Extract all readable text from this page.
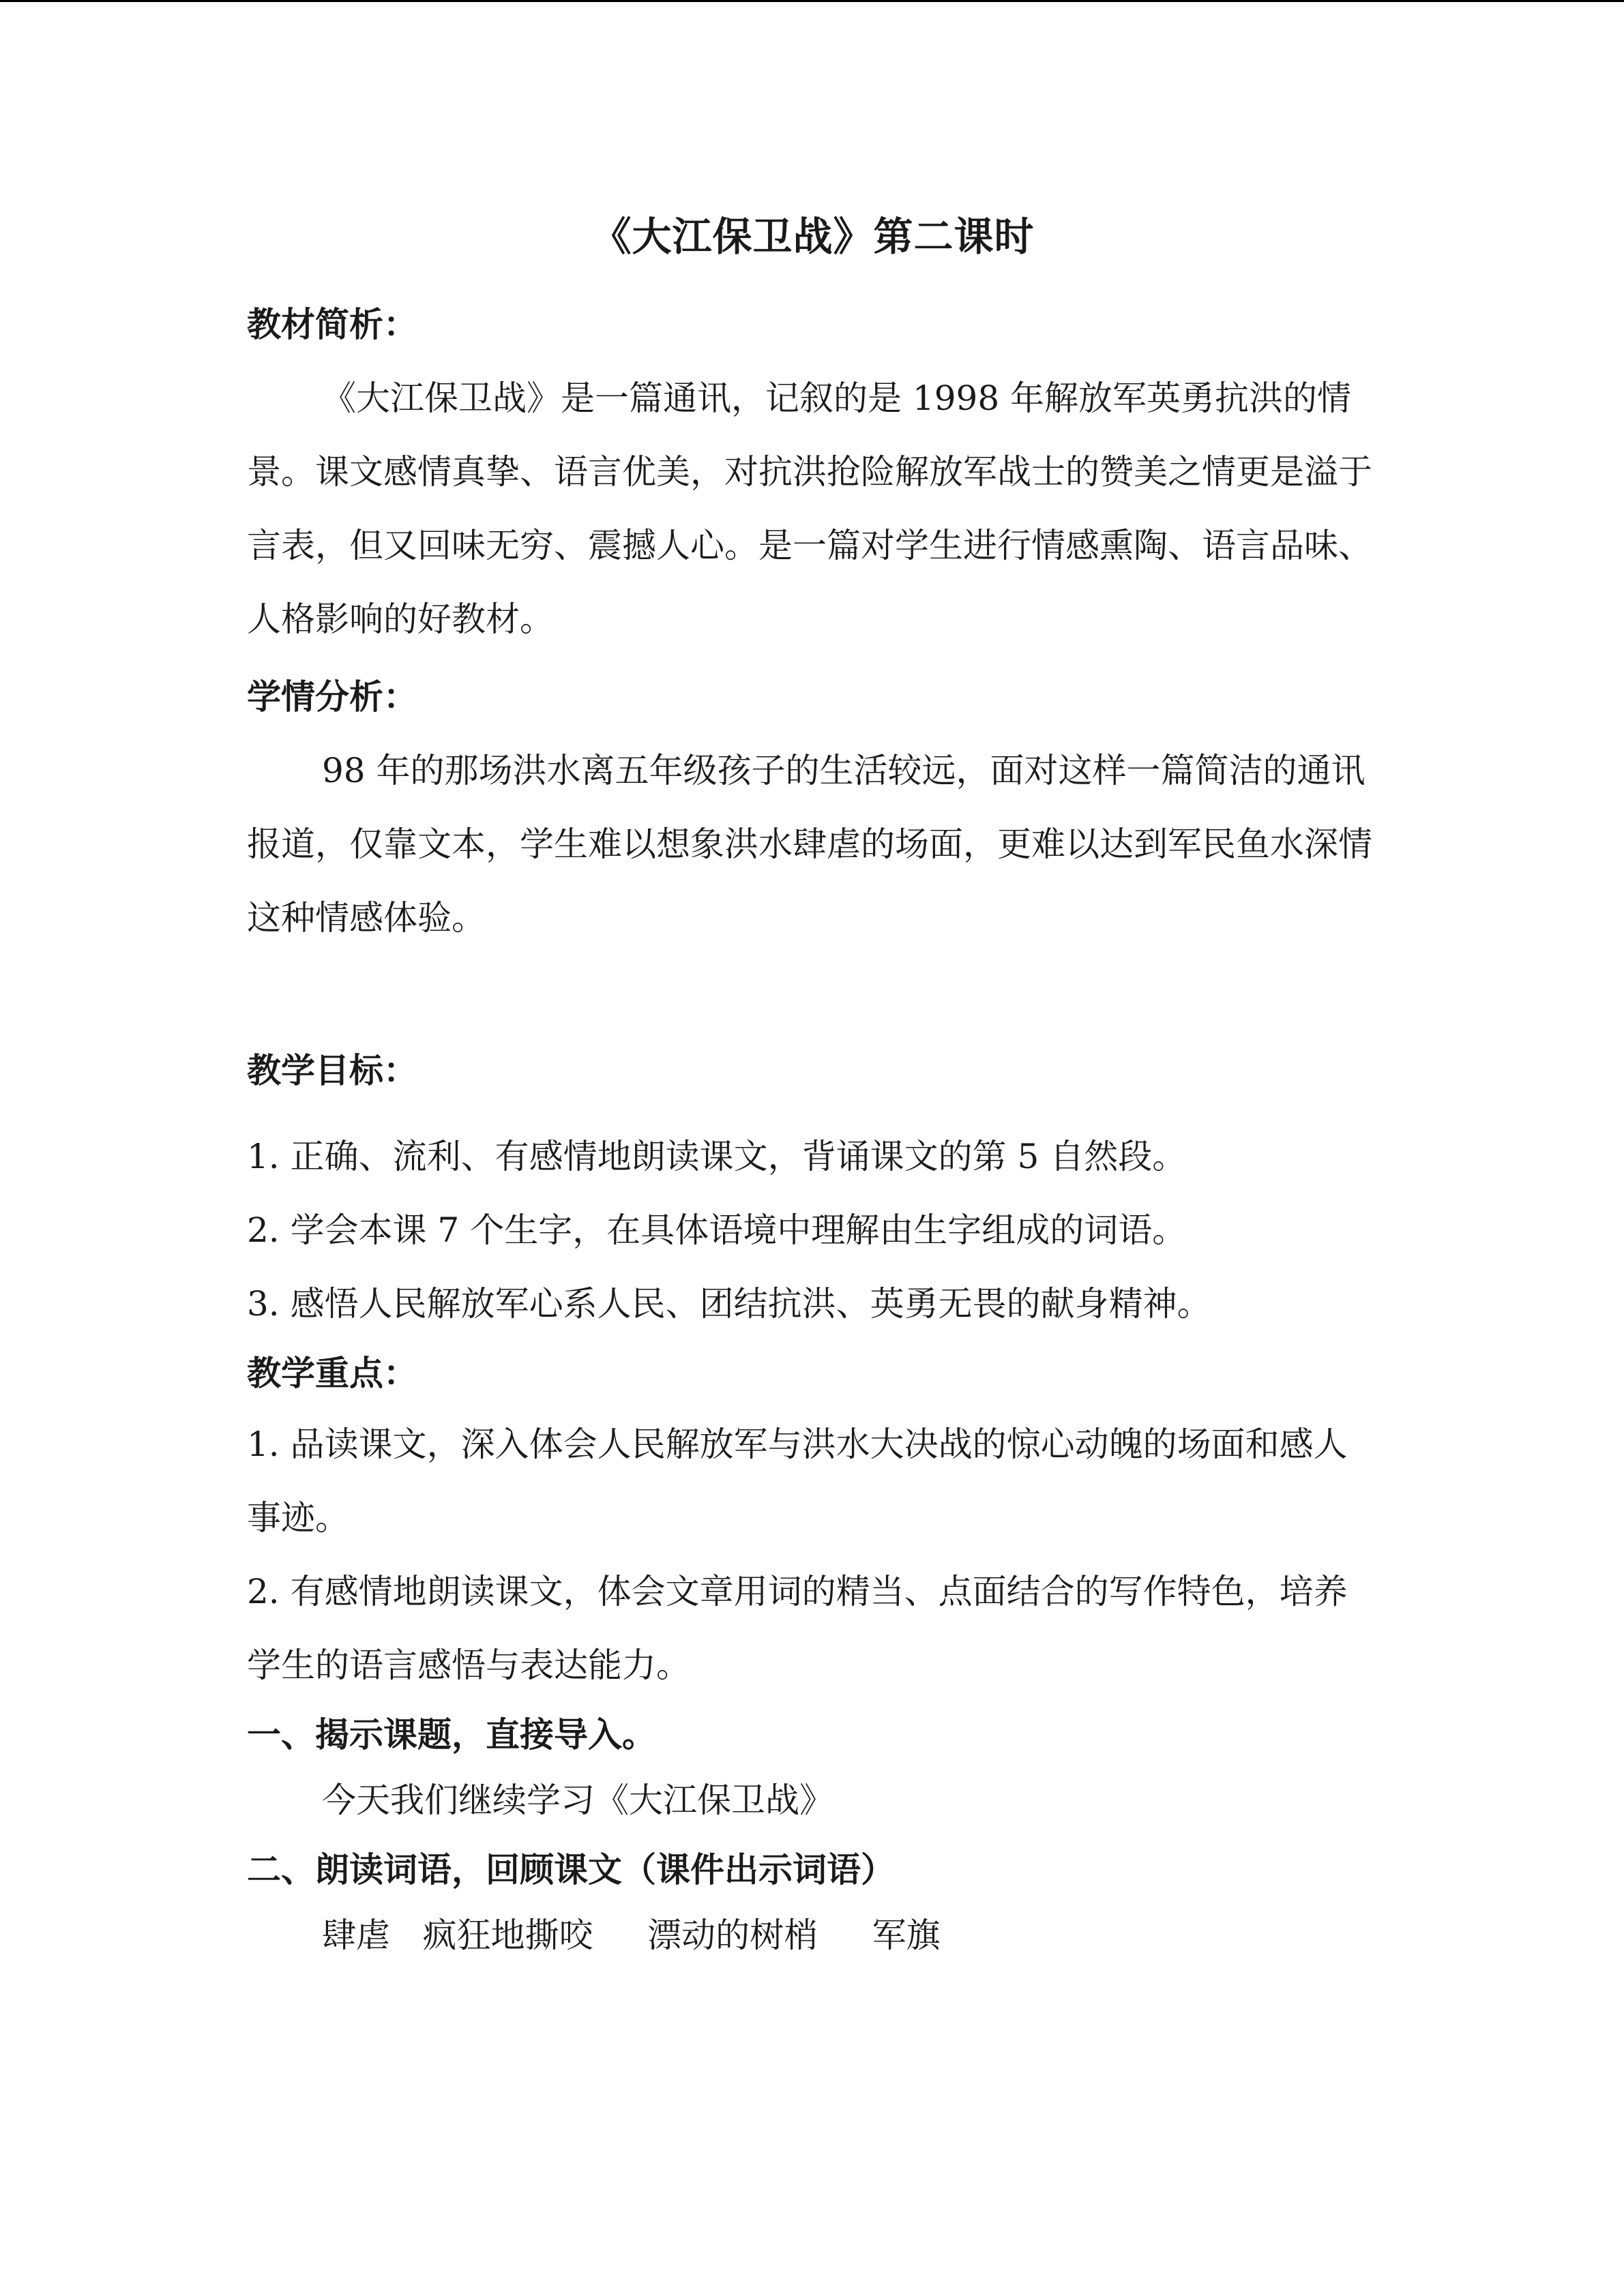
《大江保卫战》第二课时
教材简析：

《大江保卫战》是一篇通讯，记叙的是 1998 年解放军英勇抗洪的情景。课文感情真挚、语言优美，对抗洪抢险解放军战士的赞美之情更是溢于言表，但又回味无穷、震撼人心。是一篇对学生进行情感熏陶、语言品味、人格影响的好教材。

学情分析：

98 年的那场洪水离五年级孩子的生活较远，面对这样一篇简洁的通讯报道，仅靠文本，学生难以想象洪水肆虐的场面，更难以达到军民鱼水深情这种情感体验。

教学目标：

1. 正确、流利、有感情地朗读课文，背诵课文的第 5 自然段。

2. 学会本课 7 个生字，在具体语境中理解由生字组成的词语。

3. 感悟人民解放军心系人民、团结抗洪、英勇无畏的献身精神。

教学重点：

1. 品读课文，深入体会人民解放军与洪水大决战的惊心动魄的场面和感人事迹。

2. 有感情地朗读课文，体会文章用词的精当、点面结合的写作特色，培养学生的语言感悟与表达能力。

一、揭示课题，直接导入。

今天我们继续学习《大江保卫战》

二、朗读词语，回顾课文（课件出示词语）

肆虐   疯狂地撕咬     漂动的树梢     军旗
